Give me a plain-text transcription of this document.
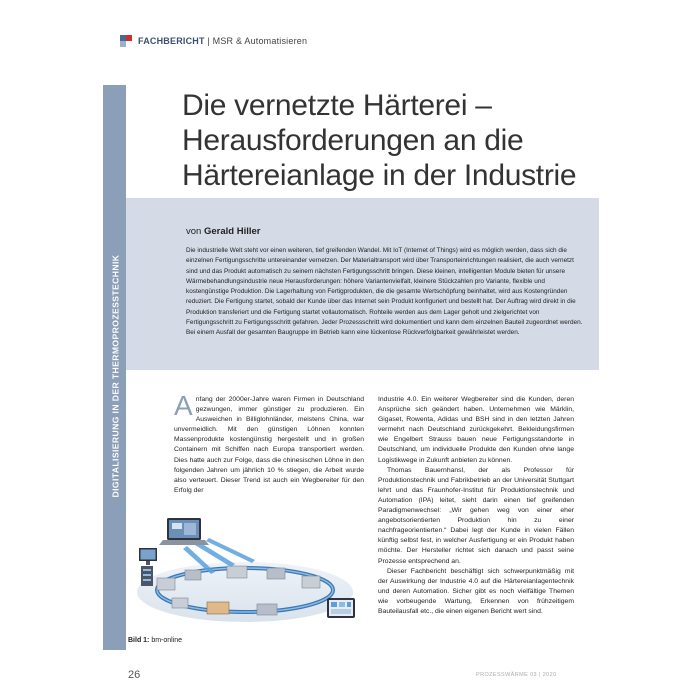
FACHBERICHT | MSR & Automatisieren
DIGITALISIERUNG IN DER THERMOPROZESSTECHNIK
Die vernetzte Härterei –
Herausforderungen an die
Härtereianlage in der Industrie
von Gerald Hiller

Die industrielle Welt steht vor einen weiteren, tief greifenden Wandel. Mit IoT (Internet of Things) wird es möglich werden, dass sich die einzelnen Fertigungsschritte untereinander vernetzen. Der Materialtransport wird über Transporteinrichtungen realisiert, die auch vernetzt sind und das Produkt automatisch zu seinem nächsten Fertigungsschritt bringen. Diese kleinen, intelligenten Module bieten für unsere Wärmebehandlungsindustrie neue Herausforderungen: höhere Variantenvielfalt, kleinere Stückzahlen pro Variante, flexible und kostengünstige Produktion. Die Lagerhaltung von Fertigprodukten, die die gesamte Wertschöpfung beinhaltet, wird aus Kostengründen reduziert. Die Fertigung startet, sobald der Kunde über das Internet sein Produkt konfiguriert und bestellt hat. Der Auftrag wird direkt in die Produktion transferiert und die Fertigung startet vollautomatisch. Rohteile werden aus dem Lager geholt und zielgerichtet von Fertigungsschritt zu Fertigungsschritt gefahren. Jeder Prozessschritt wird dokumentiert und kann dem einzelnen Bauteil zugeordnet werden. Bei einem Ausfall der gesamten Baugruppe im Betrieb kann eine lückenlose Rückverfolgbarkeit gewährleistet werden.

Anfang der 2000er-Jahre waren Firmen in Deutschland gezwungen, immer günstiger zu produzieren. Ein Ausweichen in Billiglohnländer, meistens China, war unvermeidlich. Mit den günstigen Löhnen konnten Massenprodukte kostengünstig hergestellt und in großen Containern mit Schiffen nach Europa transportiert werden. Dies hatte auch zur Folge, dass die chinesischen Löhne in den folgenden Jahren um jährlich 10 % stiegen, die Arbeit wurde also verteuert. Dieser Trend ist auch ein Wegbereiter für den Erfolg der

Bild 1: bm-online

Industrie 4.0. Ein weiterer Wegbereiter sind die Kunden, deren Ansprüche sich geändert haben. Unternehmen wie Märklin, Gigaset, Rowenta, Adidas und BSH sind in den letzten Jahren vermehrt nach Deutschland zurückgekehrt. Bekleidungsfirmen wie Engelbert Strauss bauen neue Fertigungsstandorte in Deutschland, um individuelle Produkte den Kunden ohne lange Logistikwege in Zukunft anbieten zu können.

Thomas Bauernhansl, der als Professor für Produktionstechnik und Fabrikbetrieb an der Universität Stuttgart lehrt und das Fraunhofer-Institut für Produktionstechnik und Automation (IPA) leitet, sieht darin einen tief greifenden Paradigmenwechsel: „Wir gehen weg von einer eher angebotsorientierten Produktion hin zu einer nachfrageorientierten.“ Dabei legt der Kunde in vielen Fällen künftig selbst fest, in welcher Ausfertigung er ein Produkt haben möchte. Der Hersteller richtet sich danach und passt seine Prozesse entsprechend an.

Dieser Fachbericht beschäftigt sich schwerpunktmäßig mit der Auswirkung der Industrie 4.0 auf die Härtereianlagentechnik und deren Automation. Sicher gibt es noch vielfältige Themen wie vorbeugende Wartung, Erkennen von frühzeitigem Bauteilausfall etc., die einen eigenen Bericht wert sind.

26	PROZESSWÄRME 03 | 2020
